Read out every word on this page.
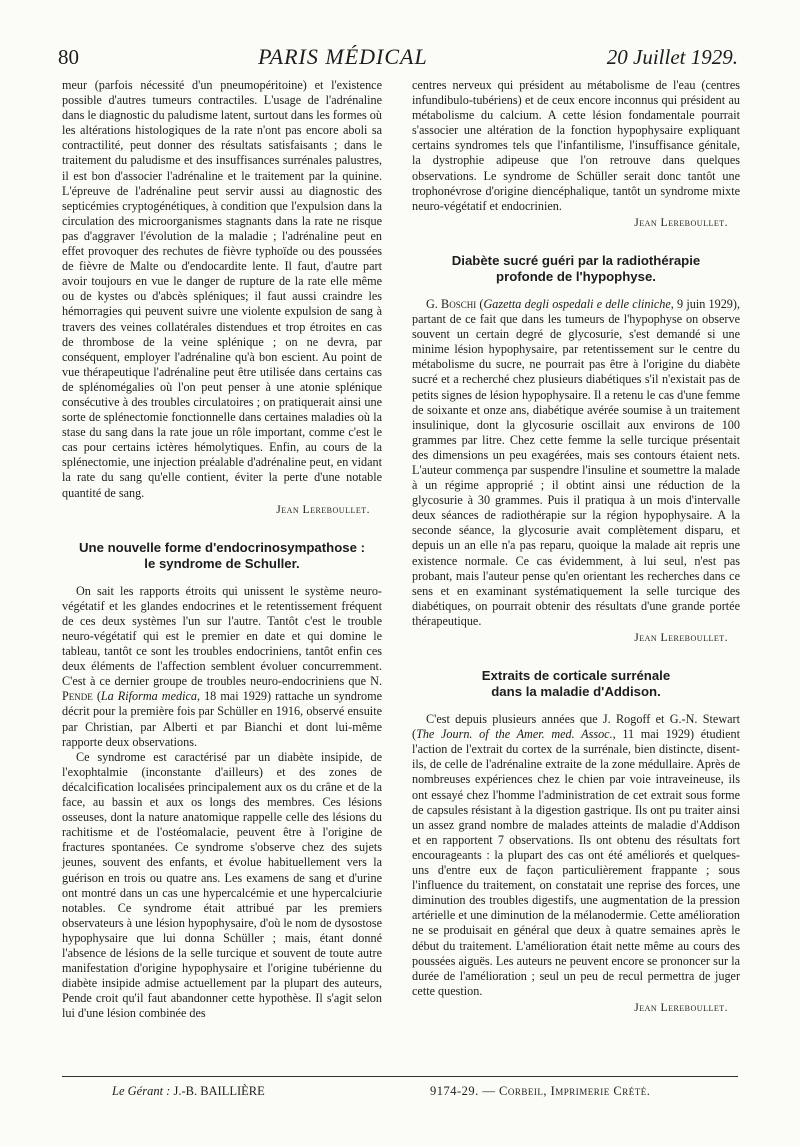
80	PARIS MÉDICAL	20 Juillet 1929.

meur (parfois nécessité d'un pneumopéritoine) et l'existence possible d'autres tumeurs contractiles. L'usage de l'adrénaline dans le diagnostic du paludisme latent, surtout dans les formes où les altérations histologiques de la rate n'ont pas encore aboli sa contractilité, peut donner des résultats satisfaisants ; dans le traitement du paludisme et des insuffisances surrénales palustres, il est bon d'associer l'adrénaline et le traitement par la quinine. L'épreuve de l'adrénaline peut servir aussi au diagnostic des septicémies cryptogénétiques, à condition que l'expulsion dans la circulation des microorganismes stagnants dans la rate ne risque pas d'aggraver l'évolution de la maladie ; l'adrénaline peut en effet provoquer des rechutes de fièvre typhoïde ou des poussées de fièvre de Malte ou d'endocardite lente. Il faut, d'autre part avoir toujours en vue le danger de rupture de la rate elle même ou de kystes ou d'abcès spléniques; il faut aussi craindre les hémorragies qui peuvent suivre une violente expulsion de sang à travers des veines collatérales distendues et trop étroites en cas de thrombose de la veine splénique ; on ne devra, par conséquent, employer l'adrénaline qu'à bon escient. Au point de vue thérapeutique l'adrénaline peut être utilisée dans certains cas de splénomégalies où l'on peut penser à une atonie splénique consécutive à des troubles circulatoires ; on pratiquerait ainsi une sorte de splénectomie fonctionnelle dans certaines maladies où la stase du sang dans la rate joue un rôle important, comme c'est le cas pour certains ictères hémolytiques. Enfin, au cours de la splénectomie, une injection préalable d'adrénaline peut, en vidant la rate du sang qu'elle contient, éviter la perte d'une notable quantité de sang.

Jean Lereboullet.
Une nouvelle forme d'endocrinosympathose :
le syndrome de Schuller.

On sait les rapports étroits qui unissent le système neuro-végétatif et les glandes endocrines et le retentissement fréquent de ces deux systèmes l'un sur l'autre. Tantôt c'est le trouble neuro-végétatif qui est le premier en date et qui domine le tableau, tantôt ce sont les troubles endocriniens, tantôt enfin ces deux éléments de l'affection semblent évoluer concurremment. C'est à ce dernier groupe de troubles neuro-endocriniens que N. Pende (La Riforma medica, 18 mai 1929) rattache un syndrome décrit pour la première fois par Schüller en 1916, observé ensuite par Christian, par Alberti et par Bianchi et dont lui-même rapporte deux observations.

Ce syndrome est caractérisé par un diabète insipide, de l'exophtalmie (inconstante d'ailleurs) et des zones de décalcification localisées principalement aux os du crâne et de la face, au bassin et aux os longs des membres. Ces lésions osseuses, dont la nature anatomique rappelle celle des lésions du rachitisme et de l'ostéomalacie, peuvent être à l'origine de fractures spontanées. Ce syndrome s'observe chez des sujets jeunes, souvent des enfants, et évolue habituellement vers la guérison en trois ou quatre ans. Les examens de sang et d'urine ont montré dans un cas une hypercalcémie et une hypercalciurie notables. Ce syndrome était attribué par les premiers observateurs à une lésion hypophysaire, d'où le nom de dysostose hypophysaire que lui donna Schüller ; mais, étant donné l'absence de lésions de la selle turcique et souvent de toute autre manifestation d'origine hypophysaire et l'origine tubérienne du diabète insipide admise actuellement par la plupart des auteurs, Pende croit qu'il faut abandonner cette hypothèse. Il s'agit selon lui d'une lésion combinée des

centres nerveux qui président au métabolisme de l'eau (centres infundibulo-tubériens) et de ceux encore inconnus qui président au métabolisme du calcium. A cette lésion fondamentale pourrait s'associer une altération de la fonction hypophysaire expliquant certains syndromes tels que l'infantilisme, l'insuffisance génitale, la dystrophie adipeuse que l'on retrouve dans quelques observations. Le syndrome de Schüller serait donc tantôt une trophonévrose d'origine diencéphalique, tantôt un syndrome mixte neuro-végétatif et endocrinien.

Jean Lereboullet.
Diabète sucré guéri par la radiothérapie
profonde de l'hypophyse.

G. Boschi (Gazetta degli ospedali e delle cliniche, 9 juin 1929), partant de ce fait que dans les tumeurs de l'hypophyse on observe souvent un certain degré de glycosurie, s'est demandé si une minime lésion hypophysaire, par retentissement sur le centre du métabolisme du sucre, ne pourrait pas être à l'origine du diabète sucré et a recherché chez plusieurs diabétiques s'il n'existait pas de petits signes de lésion hypophysaire. Il a retenu le cas d'une femme de soixante et onze ans, diabétique avérée soumise à un traitement insulinique, dont la glycosurie oscillait aux environs de 100 grammes par litre. Chez cette femme la selle turcique présentait des dimensions un peu exagérées, mais ses contours étaient nets. L'auteur commença par suspendre l'insuline et soumettre la malade à un régime approprié ; il obtint ainsi une réduction de la glycosurie à 30 grammes. Puis il pratiqua à un mois d'intervalle deux séances de radiothérapie sur la région hypophysaire. A la seconde séance, la glycosurie avait complètement disparu, et depuis un an elle n'a pas reparu, quoique la malade ait repris une existence normale. Ce cas évidemment, à lui seul, n'est pas probant, mais l'auteur pense qu'en orientant les recherches dans ce sens et en examinant systématiquement la selle turcique des diabétiques, on pourrait obtenir des résultats d'une grande portée thérapeutique.

Jean Lereboullet.
Extraits de corticale surrénale
dans la maladie d'Addison.

C'est depuis plusieurs années que J. Rogoff et G.-N. Stewart (The Journ. of the Amer. med. Assoc., 11 mai 1929) étudient l'action de l'extrait du cortex de la surrénale, bien distincte, disent-ils, de celle de l'adrénaline extraite de la zone médullaire. Après de nombreuses expériences chez le chien par voie intraveineuse, ils ont essayé chez l'homme l'administration de cet extrait sous forme de capsules résistant à la digestion gastrique. Ils ont pu traiter ainsi un assez grand nombre de malades atteints de maladie d'Addison et en rapportent 7 observations. Ils ont obtenu des résultats fort encourageants : la plupart des cas ont été améliorés et quelques-uns d'entre eux de façon particulièrement frappante ; sous l'influence du traitement, on constatait une reprise des forces, une diminution des troubles digestifs, une augmentation de la pression artérielle et une diminution de la mélanodermie. Cette amélioration ne se produisait en général que deux à quatre semaines après le début du traitement. L'amélioration était nette même au cours des poussées aiguës. Les auteurs ne peuvent encore se prononcer sur la durée de l'amélioration ; seul un peu de recul permettra de juger cette question.

Jean Lereboullet.
Le Gérant : J.-B. BAILLIÈRE	9174-29. — Corbeil, Imprimerie Crété.
